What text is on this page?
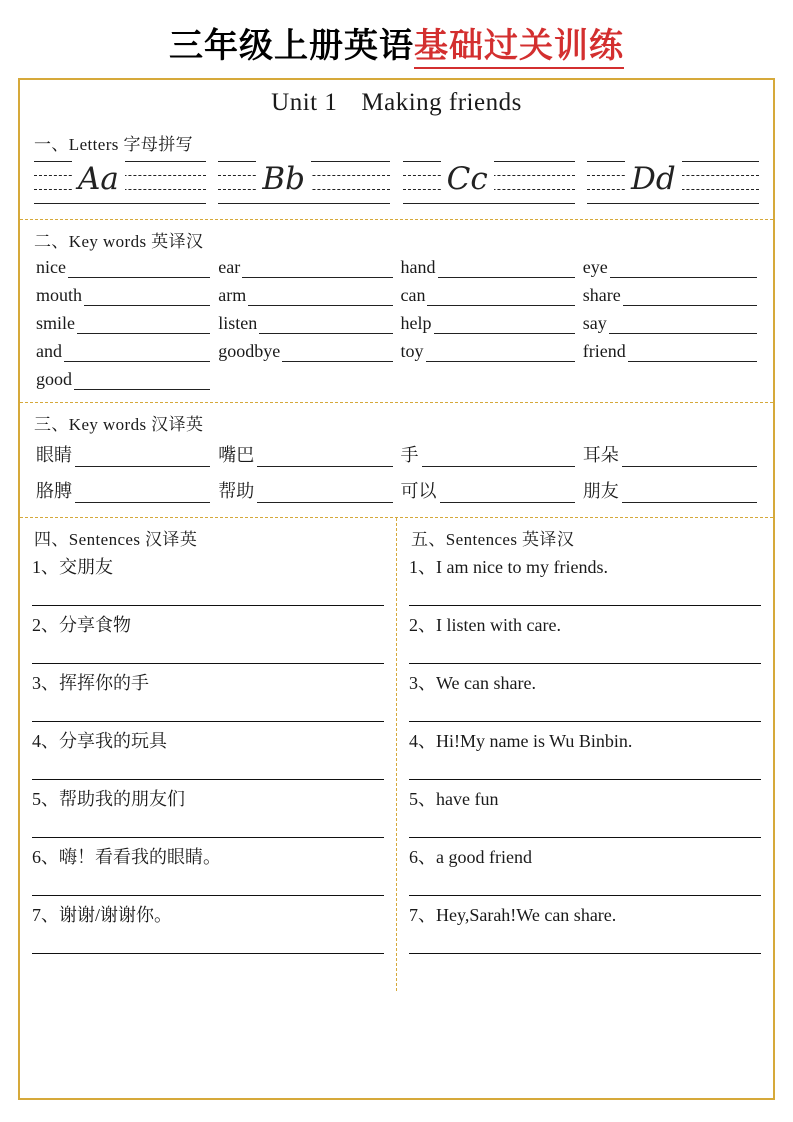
三年级上册英语基础过关训练
Unit 1 Making friends
一、Letters 字母拼写
Aa	Bb	Cc	Dd
二、Key words 英译汉
nice	ear	hand	eye
mouth	arm	can	share
smile	listen	help	say
and	goodbye	toy	friend
good
三、Key words 汉译英
眼睛	嘴巴	手	耳朵
胳膊	帮助	可以	朋友
四、Sentences 汉译英
1、交朋友
2、分享食物
3、挥挥你的手
4、分享我的玩具
5、帮助我的朋友们
6、嗨！看看我的眼睛。
7、谢谢/谢谢你。
五、Sentences 英译汉
1、I am nice to my friends.
2、I listen with care.
3、We can share.
4、Hi!My name is Wu Binbin.
5、have fun
6、a good friend
7、Hey,Sarah!We can share.
